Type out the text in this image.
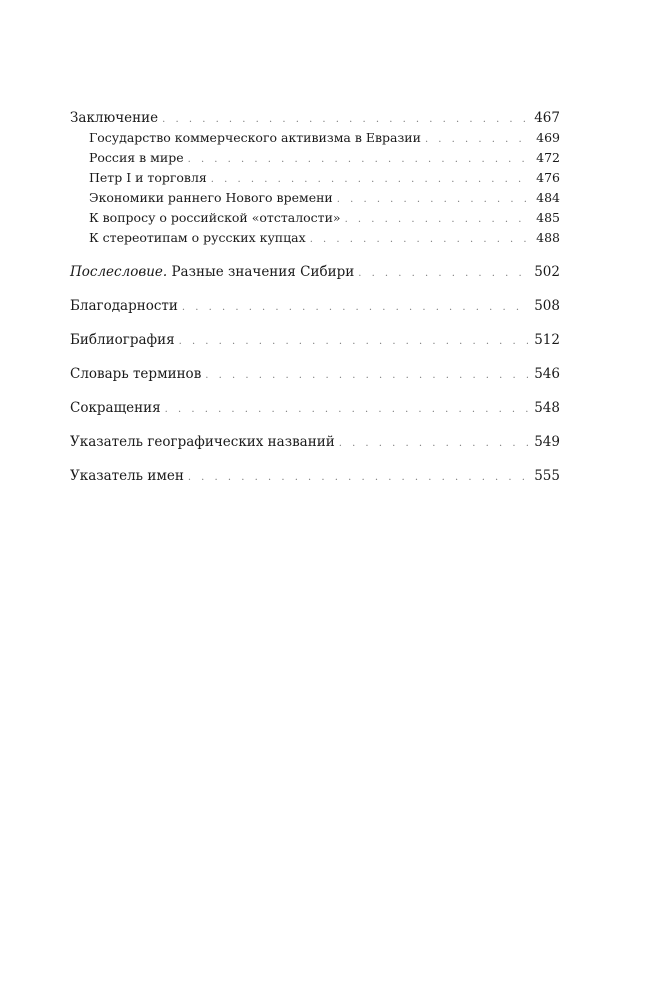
Заключение . . .	467
Государство коммерческого активизма в Евразии . . .	469
Россия в мире . . .	472
Петр I и торговля . . .	476
Экономики раннего Нового времени . . .	484
К вопросу о российской «отсталости» . . .	485
К стереотипам о русских купцах . . .	488
Послесловие. Разные значения Сибири . . .	502
Благодарности . . .	508
Библиография . . .	512
Словарь терминов . . .	546
Сокращения . . .	548
Указатель географических названий . . .	549
Указатель имен . . .	555
